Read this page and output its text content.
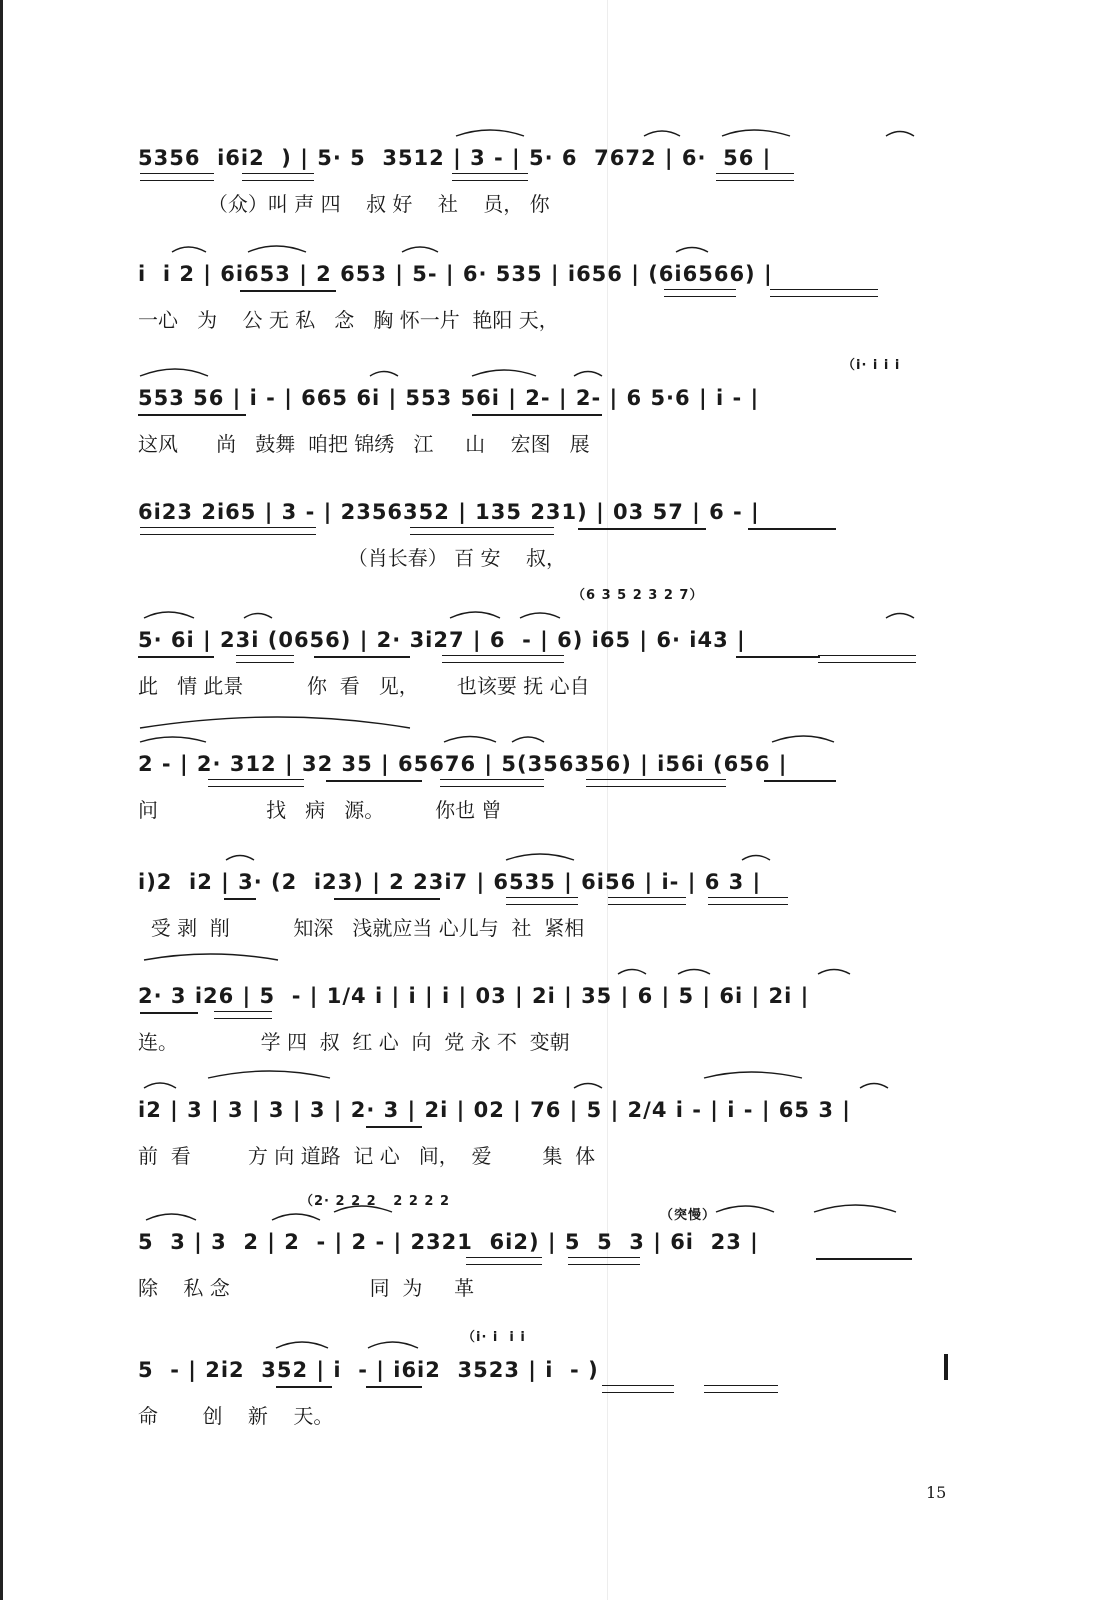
5356  i6i2  ) | 5· 5  3512 | 3 - | 5· 6  7672 | 6·  56 |
（众）叫 声 四    叔 好    社    员， 你
i  i 2 | 6i653 | 2 653 | 5- | 6· 535 | i656 | (6i6566) |
一心   为    公 无 私   念   胸 怀一片  艳阳 天，
（i· i i i
553 56 | i - | 665 6i | 553 56i | 2- | 2- | 6 5·6 | i - |
这风      尚   鼓舞  咱把 锦绣   江     山    宏图   展
6i23 2i65 | 3 - | 2356352 | 135 231) | 03 57 | 6 - |
（肖长春） 百 安    叔，
（6 3 5 2 3 2 7）
5· 6i | 23i (0656) | 2· 3i27 | 6  - | 6) i65 | 6· i43 |
此   情 此景          你  看   见，      也该要 抚 心自
2 - | 2· 312 | 32 35 | 65676 | 5(356356) | i56i (656 |
问                 找   病   源。        你也 曾
i)2  i2 | 3· (2  i23) | 2 23i7 | 6535 | 6i56 | i- | 6 3 |
受 剥  削          知深   浅就应当 心儿与  社  紧相
2· 3 i26 | 5  - | 1/4 i | i | i | 03 | 2i | 35 | 6 | 5 | 6i | 2i |
连。             学 四  叔  红 心  向  党 永 不  变朝
i2 | 3 | 3 | 3 | 3 | 2· 3 | 2i | 02 | 76 | 5 | 2/4 i - | i - | 65 3 |
前  看         方 向 道路  记 心   间，  爱        集  体
（2· 2 2 2   2 2 2 2
5  3 | 3  2 | 2  - | 2 - | 2321  6i2) | 5  5  3 | 6i  23 |
除    私 念                      同  为     革
（突慢）
5  - | 2i2  352 | i  - | i6i2  3523 | i  - )
命       创    新    天。
（i· i  i i
15
